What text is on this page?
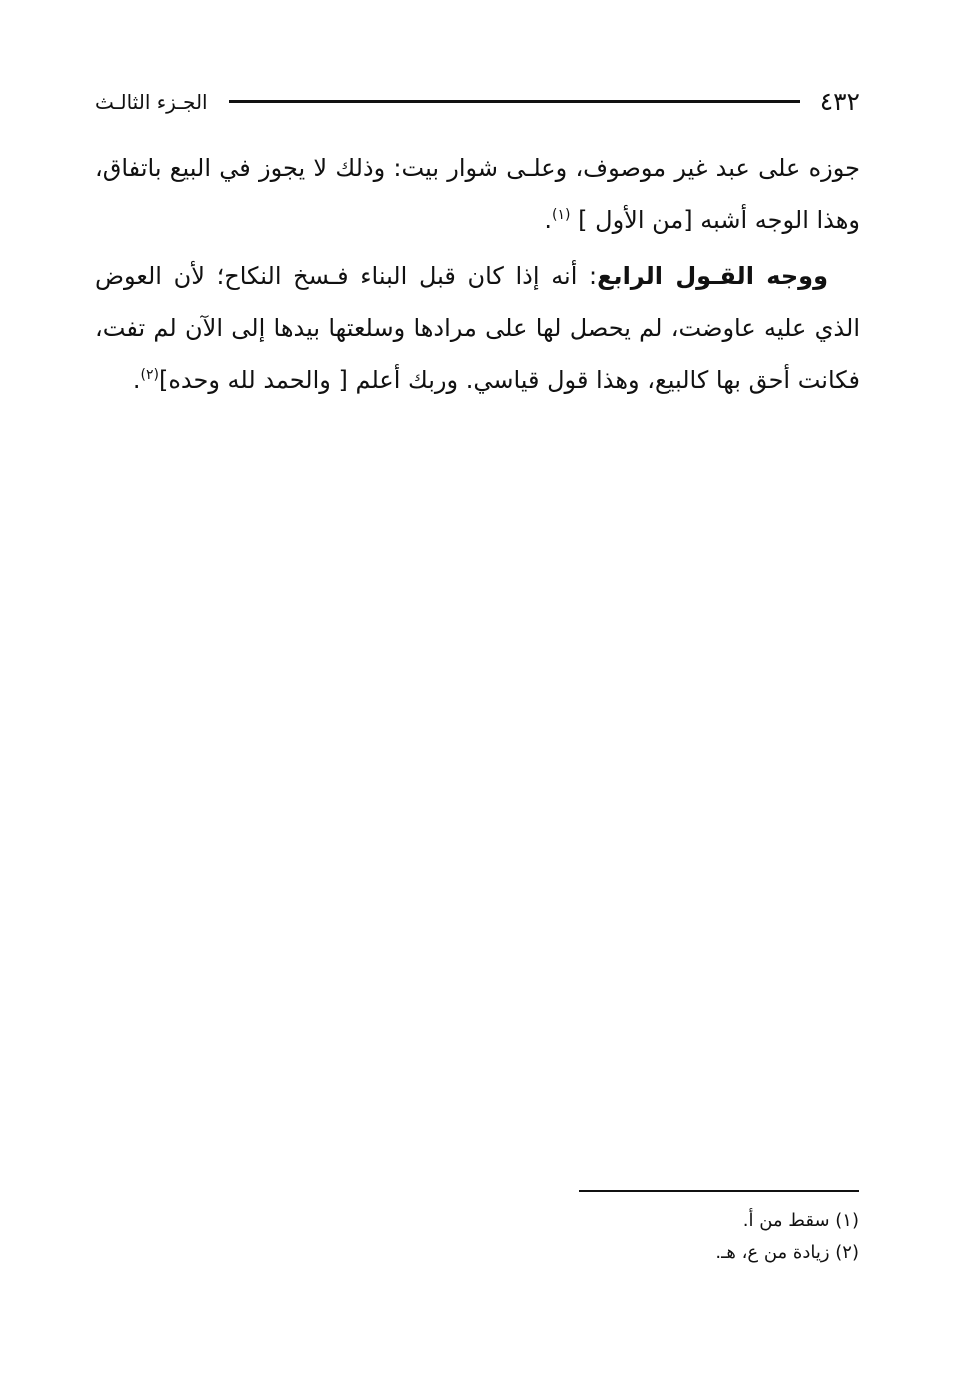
٤٣٢
الجـزء الثالـث

جوزه على عبد غير موصوف، وعلـى شوار بيت: وذلك لا يجوز في البيع باتفاق، وهذا الوجه أشبه [من الأول ] $^{(١)}$.

ووجه القـول الرابع: أنه إذا كان قبل البناء فـسخ النكاح؛ لأن العوض الذي عليه عاوضت، لم يحصل لها على مرادها وسلعتها بيدها إلى الآن لم تفت، فكانت أحق بها كالبيع، وهذا قول قياسي. وربك أعلم [ والحمد لله وحده]$^{(٢)}$.

(١) سقط من أ.

(٢) زيادة من ع، هـ.
